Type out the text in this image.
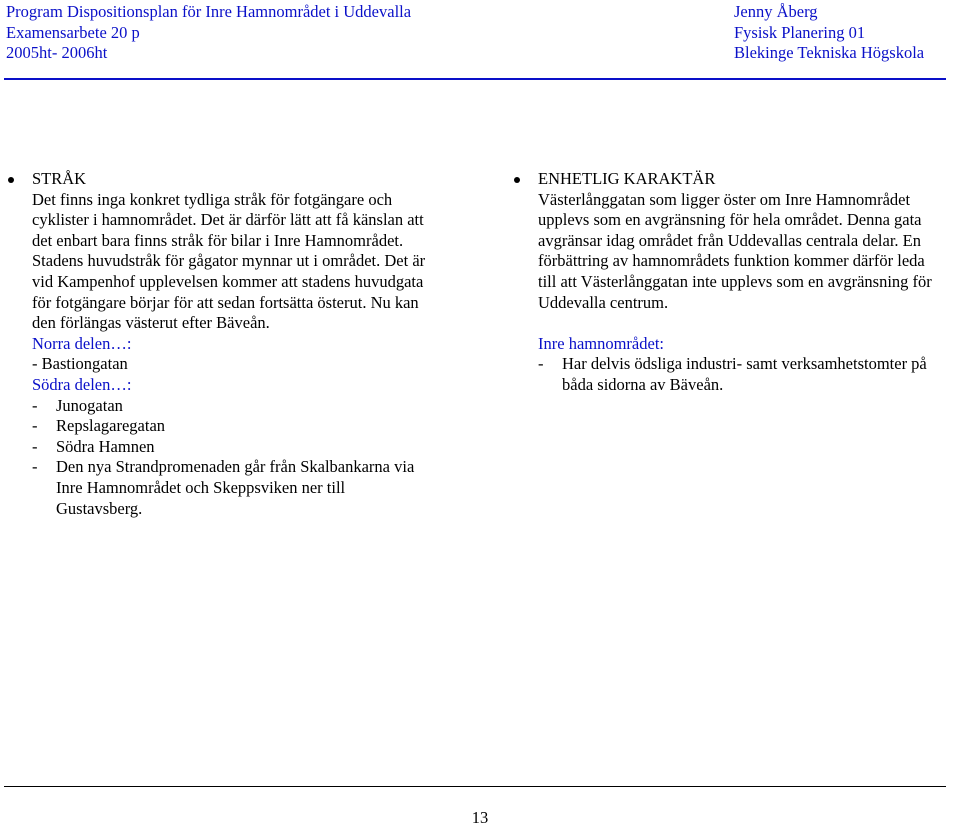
Program Dispositionsplan för Inre Hamnområdet i Uddevalla
Examensarbete 20 p
2005ht- 2006ht
Jenny Åberg
Fysisk Planering 01
Blekinge Tekniska Högskola
STRÅK
Det finns inga konkret tydliga stråk för fotgängare och
cyklister i hamnområdet. Det är därför lätt att få känslan att
det enbart bara finns stråk för bilar i Inre Hamnområdet.
Stadens huvudstråk för gågator mynnar ut i området. Det är
vid Kampenhof upplevelsen kommer att stadens huvudgata
för fotgängare börjar för att sedan fortsätta österut. Nu kan
den förlängas västerut efter Bäveån.
Norra delen…:
- Bastiongatan
Södra delen…:
- Junogatan
- Repslagaregatan
- Södra Hamnen
- Den nya Strandpromenaden går från Skalbankarna via
Inre Hamnområdet och Skeppsviken ner till
Gustavsberg.
ENHETLIG KARAKTÄR
Västerlånggatan som ligger öster om Inre Hamnområdet
upplevs som en avgränsning för hela området. Denna gata
avgränsar idag området från Uddevallas centrala delar. En
förbättring av hamnområdets funktion kommer därför leda
till att Västerlånggatan inte upplevs som en avgränsning för
Uddevalla centrum.
Inre hamnområdet:
- Har delvis ödsliga industri- samt verksamhetstomter på
båda sidorna av Bäveån.
13
